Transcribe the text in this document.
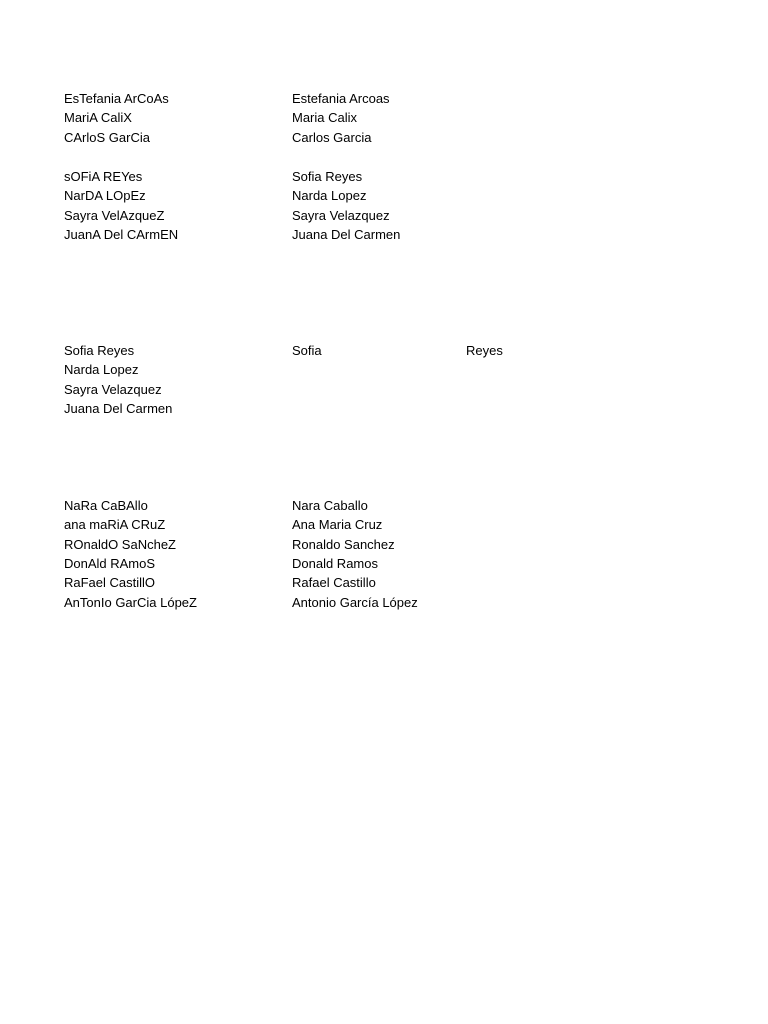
EsTefania ArCoAs
MariA CaliX
CArloS GarCia
Estefania Arcoas
Maria Calix
Carlos Garcia
sOFiA REYes
NarDA LOpEz
Sayra VelAzqueZ
JuanA Del CArmEN
Sofia Reyes
Narda Lopez
Sayra Velazquez
Juana Del Carmen
Sofia Reyes
Narda Lopez
Sayra Velazquez
Juana Del Carmen
Sofia	Reyes
NaRa CaBAllo
ana maRiA CRuZ
ROnaldO SaNcheZ
DonAld RAmoS
RaFael CastillO
AnTonIo GarCia LópeZ
Nara Caballo
Ana Maria Cruz
Ronaldo Sanchez
Donald Ramos
Rafael Castillo
Antonio García López
